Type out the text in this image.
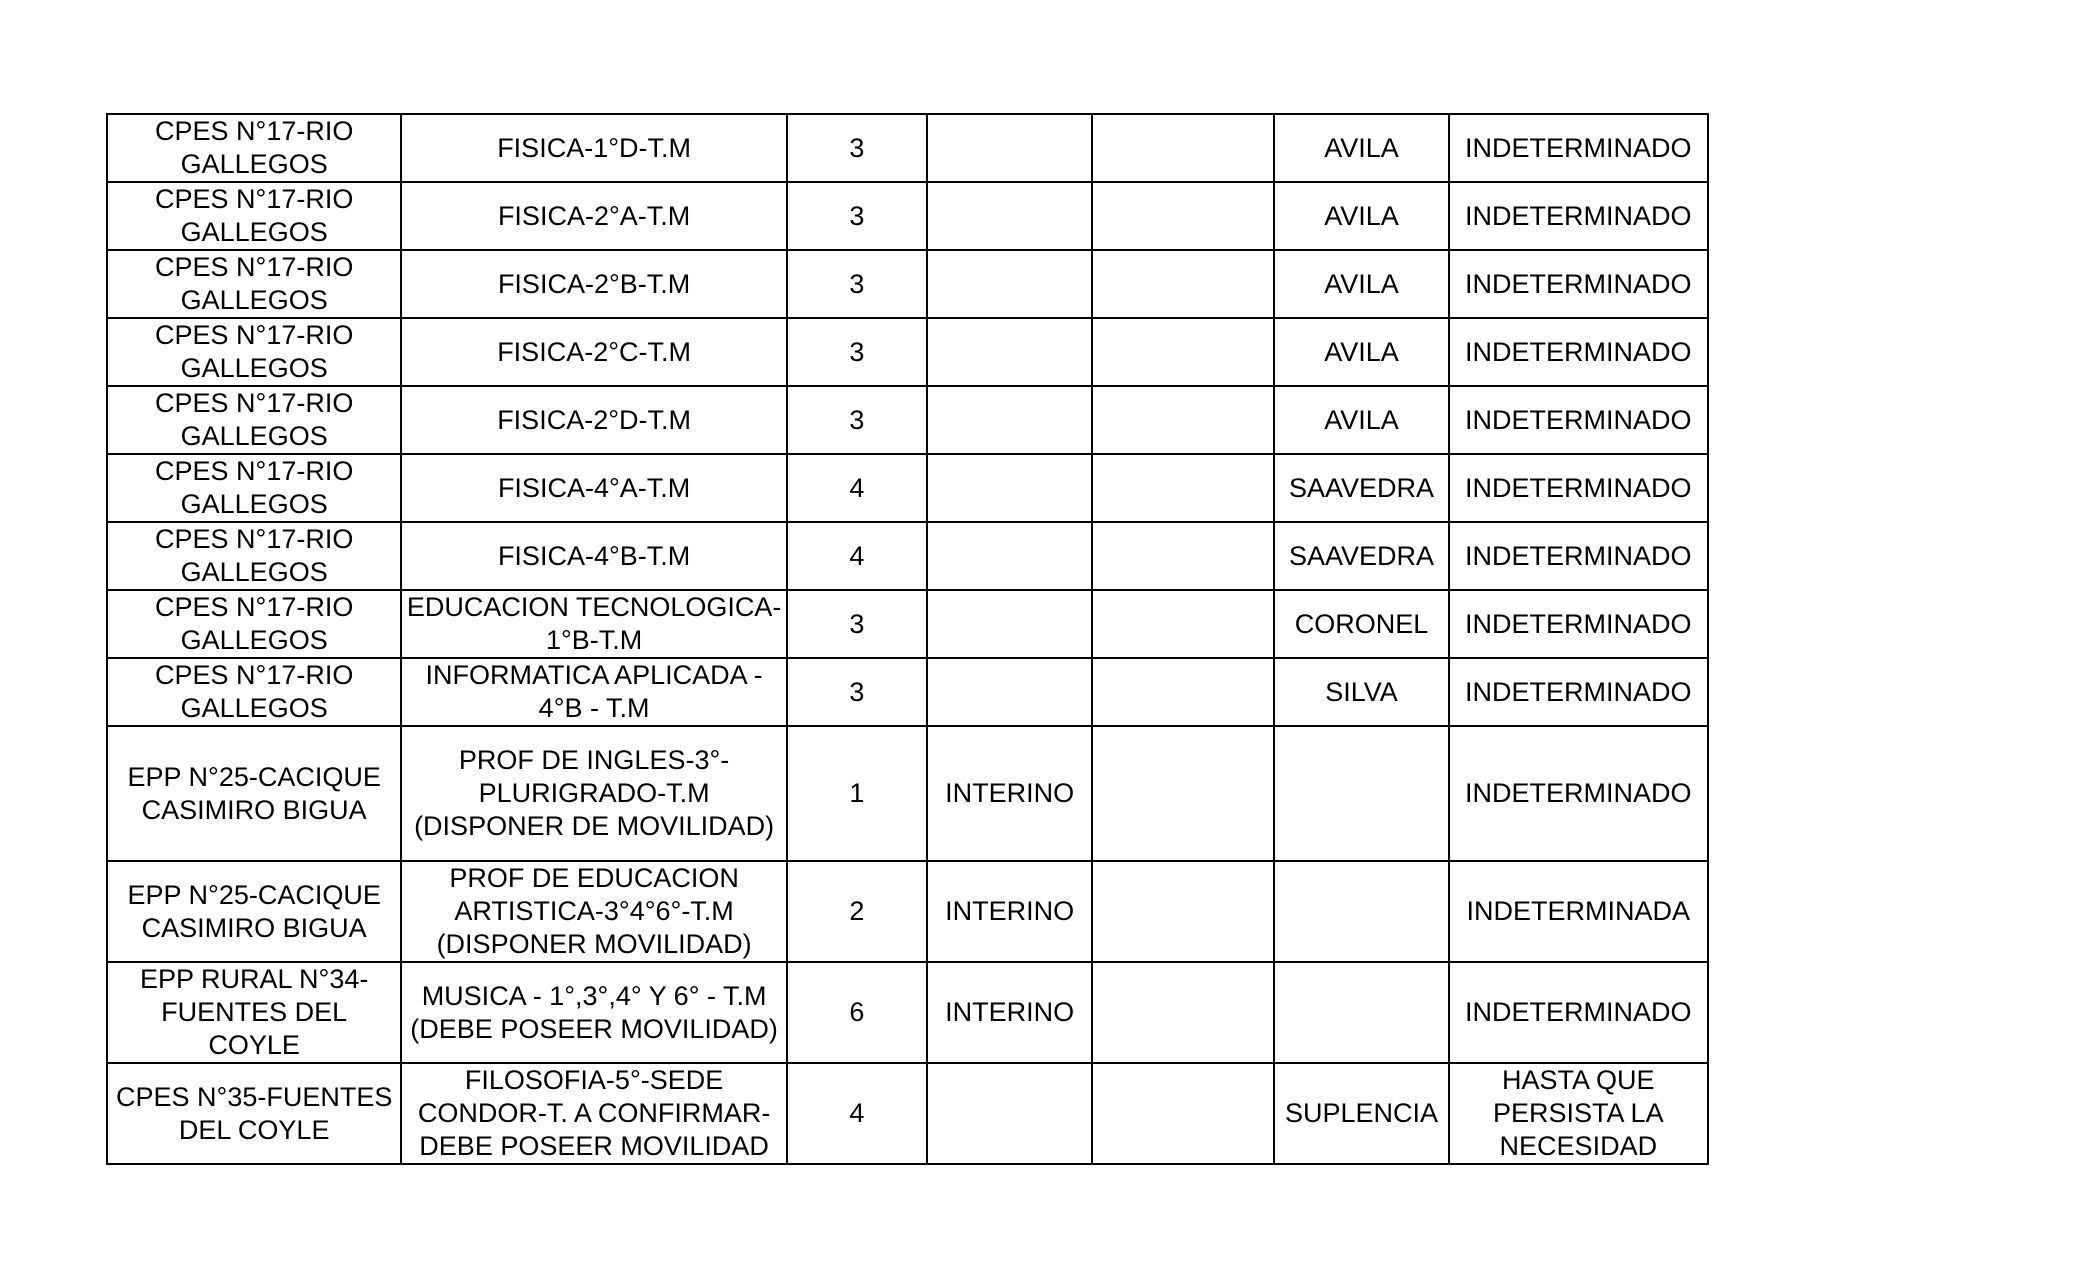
CPES N°17-RIO
GALLEGOS	FISICA-1°D-T.M	3			AVILA	INDETERMINADO
CPES N°17-RIO
GALLEGOS	FISICA-2°A-T.M	3			AVILA	INDETERMINADO
CPES N°17-RIO
GALLEGOS	FISICA-2°B-T.M	3			AVILA	INDETERMINADO
CPES N°17-RIO
GALLEGOS	FISICA-2°C-T.M	3			AVILA	INDETERMINADO
CPES N°17-RIO
GALLEGOS	FISICA-2°D-T.M	3			AVILA	INDETERMINADO
CPES N°17-RIO
GALLEGOS	FISICA-4°A-T.M	4			SAAVEDRA	INDETERMINADO
CPES N°17-RIO
GALLEGOS	FISICA-4°B-T.M	4			SAAVEDRA	INDETERMINADO
CPES N°17-RIO
GALLEGOS	EDUCACION TECNOLOGICA-
1°B-T.M	3			CORONEL	INDETERMINADO
CPES N°17-RIO
GALLEGOS	INFORMATICA APLICADA -
4°B - T.M	3			SILVA	INDETERMINADO
EPP N°25-CACIQUE
CASIMIRO BIGUA	PROF DE INGLES-3°-
PLURIGRADO-T.M
(DISPONER DE MOVILIDAD)	1	INTERINO			INDETERMINADO
EPP N°25-CACIQUE
CASIMIRO BIGUA	PROF DE EDUCACION
ARTISTICA-3°4°6°-T.M
(DISPONER MOVILIDAD)	2	INTERINO			INDETERMINADA
EPP RURAL N°34-
FUENTES DEL
COYLE	MUSICA - 1°,3°,4° Y 6° - T.M
(DEBE POSEER MOVILIDAD)	6	INTERINO			INDETERMINADO
CPES N°35-FUENTES
DEL COYLE	FILOSOFIA-5°-SEDE
CONDOR-T. A CONFIRMAR-
DEBE POSEER MOVILIDAD	4			SUPLENCIA	HASTA QUE
PERSISTA LA
NECESIDAD
